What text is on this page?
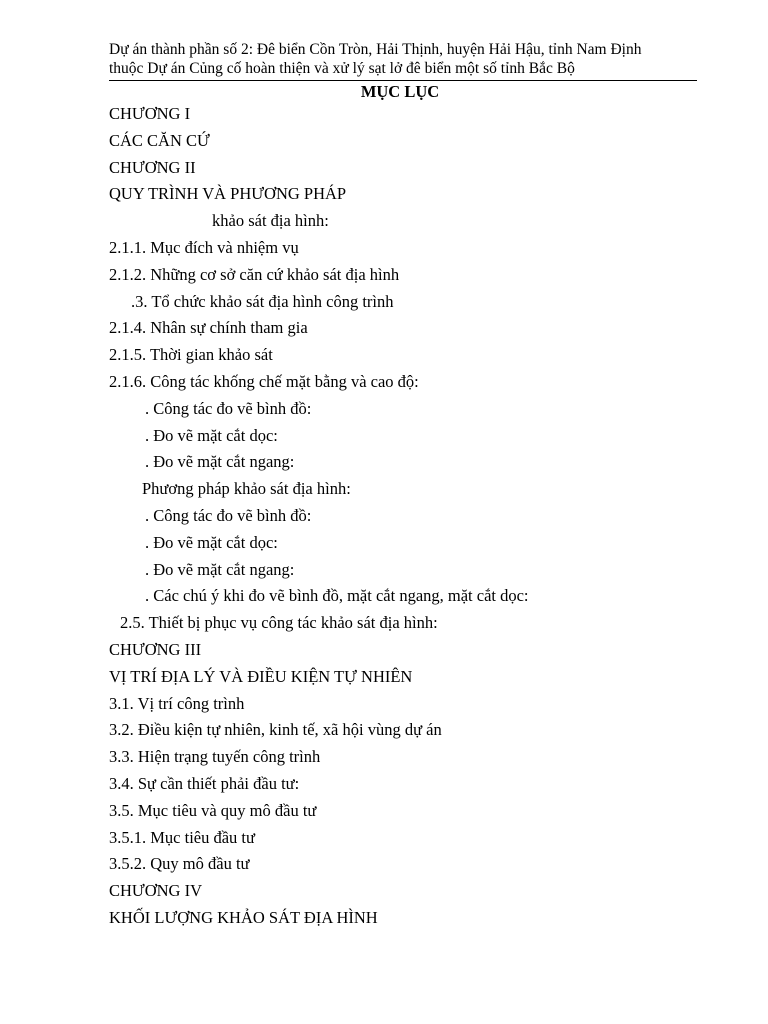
Dự án thành phần số 2: Đê biển Cồn Tròn, Hải Thịnh, huyện Hải Hậu, tỉnh Nam Định
thuộc Dự án Củng cố hoàn thiện và xử lý sạt lở đê biển một số tỉnh Bắc Bộ
MỤC LỤC
CHƯƠNG I
CÁC CĂN CỨ
CHƯƠNG II
QUY TRÌNH VÀ PHƯƠNG PHÁP
khảo sát địa hình:
2.1.1. Mục đích và nhiệm vụ
2.1.2. Những cơ sở căn cứ khảo sát địa hình
.3. Tổ chức khảo sát địa hình công trình
2.1.4. Nhân sự chính tham gia
2.1.5. Thời gian khảo sát
2.1.6. Công tác khống chế mặt bằng và cao độ:
. Công tác đo vẽ bình đồ:
. Đo vẽ mặt cắt dọc:
. Đo vẽ mặt cắt ngang:
Phương pháp khảo sát địa hình:
. Công tác đo vẽ bình đồ:
. Đo vẽ mặt cắt dọc:
. Đo vẽ mặt cắt ngang:
. Các chú ý khi đo vẽ bình đồ, mặt cắt ngang, mặt cắt dọc:
2.5. Thiết bị phục vụ công tác khảo sát địa hình:
CHƯƠNG III
VỊ TRÍ ĐỊA LÝ VÀ ĐIỀU KIỆN TỰ NHIÊN
3.1. Vị trí công trình
3.2. Điều kiện tự nhiên, kinh tế, xã hội vùng dự án
3.3. Hiện trạng tuyến công trình
3.4. Sự cần thiết phải đầu tư:
3.5. Mục tiêu và quy mô đầu tư
3.5.1. Mục tiêu đầu tư
3.5.2. Quy mô đầu tư
CHƯƠNG IV
KHỐI LƯỢNG KHẢO SÁT ĐỊA HÌNH
